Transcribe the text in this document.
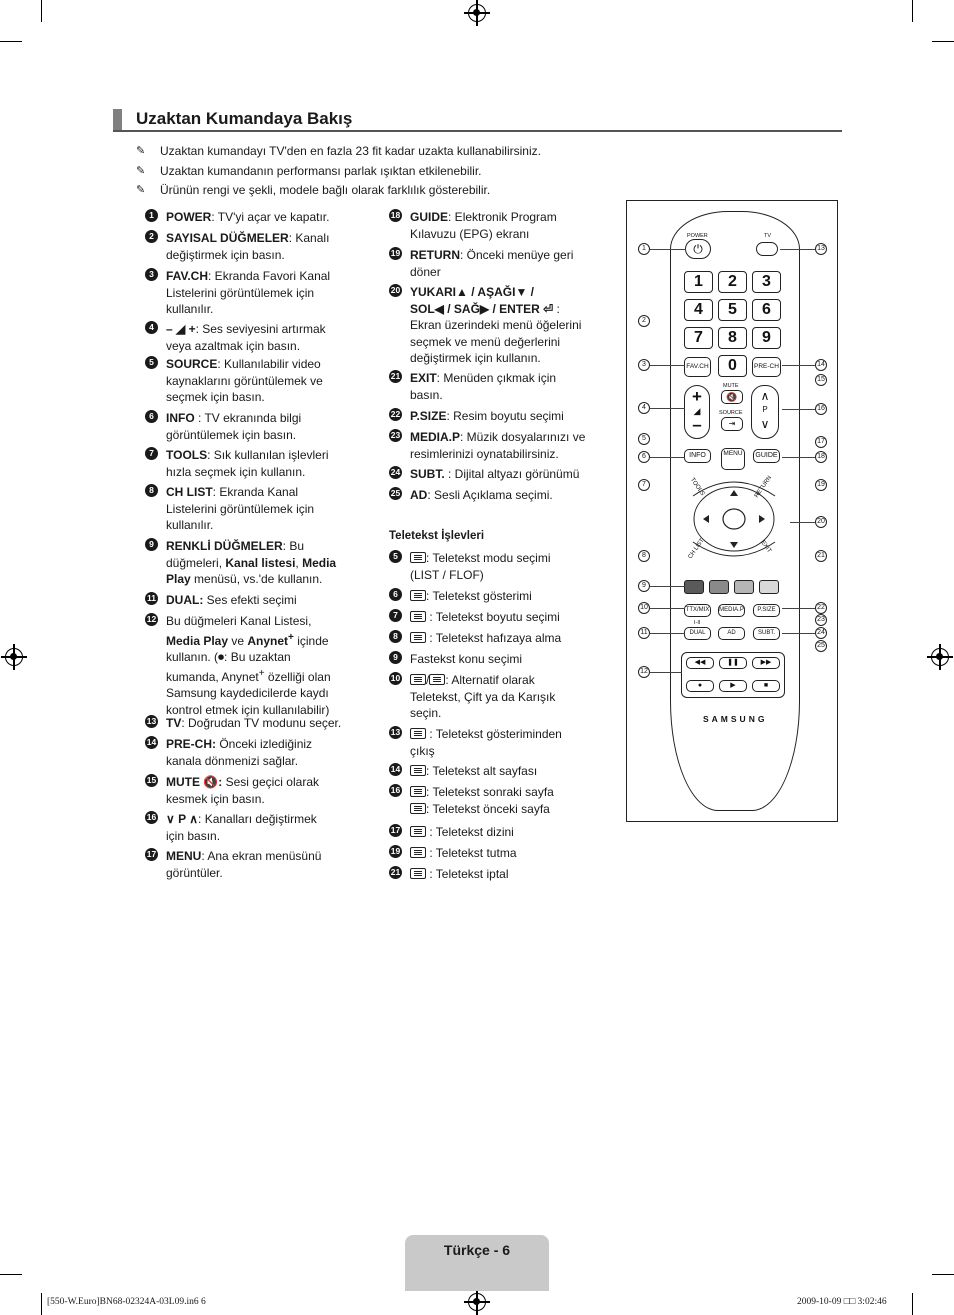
Uzaktan Kumandaya Bakış
✎	Uzaktan kumandayı TV'den en fazla 23 fit kadar uzakta kullanabilirsiniz.
✎	Uzaktan kumandanın performansı parlak ışıktan etkilenebilir.
✎	Ürünün rengi ve şekli, modele bağlı olarak farklılık gösterebilir.
1	POWER: TV'yi açar ve kapatır.
2	SAYISAL DÜĞMELER: Kanalı
değiştirmek için basın.
3	FAV.CH: Ekranda Favori Kanal
Listelerini görüntülemek için
kullanılır.
4	– ◢ +: Ses seviyesini artırmak
veya azaltmak için basın.
5	SOURCE: Kullanılabilir video
kaynaklarını görüntülemek ve
seçmek için basın.
6	INFO : TV ekranında bilgi
görüntülemek için basın.
7	TOOLS: Sık kullanılan işlevleri
hızla seçmek için kullanın.
8	CH LIST: Ekranda Kanal
Listelerini görüntülemek için
kullanılır.
9	RENKLİ DÜĞMELER: Bu
düğmeleri, Kanal listesi, Media
Play menüsü, vs.'de kullanın.
11 DUAL: Ses efekti seçimi
12 Bu düğmeleri Kanal Listesi,
Media Play ve Anynet+ içinde
kullanın. (⏺: Bu uzaktan
kumanda, Anynet+ özelliği olan
Samsung kaydedicilerde kaydı
kontrol etmek için kullanılabilir)
13 TV: Doğrudan TV modunu seçer.
14 PRE-CH: Önceki izlediğiniz
kanala dönmenizi sağlar.
15 MUTE 🔇: Sesi geçici olarak
kesmek için basın.
16 ∨ P ∧: Kanalları değiştirmek
için basın.
17 MENU: Ana ekran menüsünü
görüntüler.
18 GUIDE: Elektronik Program
Kılavuzu (EPG) ekranı
19 RETURN: Önceki menüye geri
döner
20 YUKARI▲ / AŞAĞI▼ /
SOL◀ / SAĞ▶ / ENTER ⏎ :
Ekran üzerindeki menü öğelerini
seçmek ve menü değerlerini
değiştirmek için kullanın.
21 EXIT: Menüden çıkmak için
basın.
22 P.SIZE: Resim boyutu seçimi
23 MEDIA.P: Müzik dosyalarınızı ve
resimlerinizi oynatabilirsiniz.
24 SUBT. : Dijital altyazı görünümü
25 AD: Sesli Açıklama seçimi.
Teletekst İşlevleri
5	: Teletekst modu seçimi
(LIST / FLOF)
6	: Teletekst gösterimi
7	: Teletekst boyutu seçimi
8	: Teletekst hafızaya alma
9	Fastekst konu seçimi
10	/ : Alternatif olarak
Teletekst, Çift ya da Karışık
seçin.
13	: Teletekst gösteriminden
çıkış
14	: Teletekst alt sayfası
16	: Teletekst sonraki sayfa
: Teletekst önceki sayfa
17	: Teletekst dizini
19	: Teletekst tutma
21	: Teletekst iptal
POWER
⏻
TV
1	2	3
4	5	6
7	8	9
FAV.CH	0	PRE-CH
+
◢
–
MUTE
🔇
SOURCE
⇥
∧
P
∨
INFO	MENU	GUIDE
TOOLS	RETURN
CH LIST	EXIT
TTX/MIX MEDIA.P	P.SIZE
I-II
DUAL	AD	SUBT.
◀◀	❚❚	▶▶
●	▶	■
SAMSUNG
1
2
3
4
5
6
7
8
9
10
11
12
13
14
15
16
17
18
19
20
21
22
23
24
25
Türkçe - 6
[550-W.Euro]BN68-02324A-03L09.in6 6	2009-10-09 □□ 3:02:46
